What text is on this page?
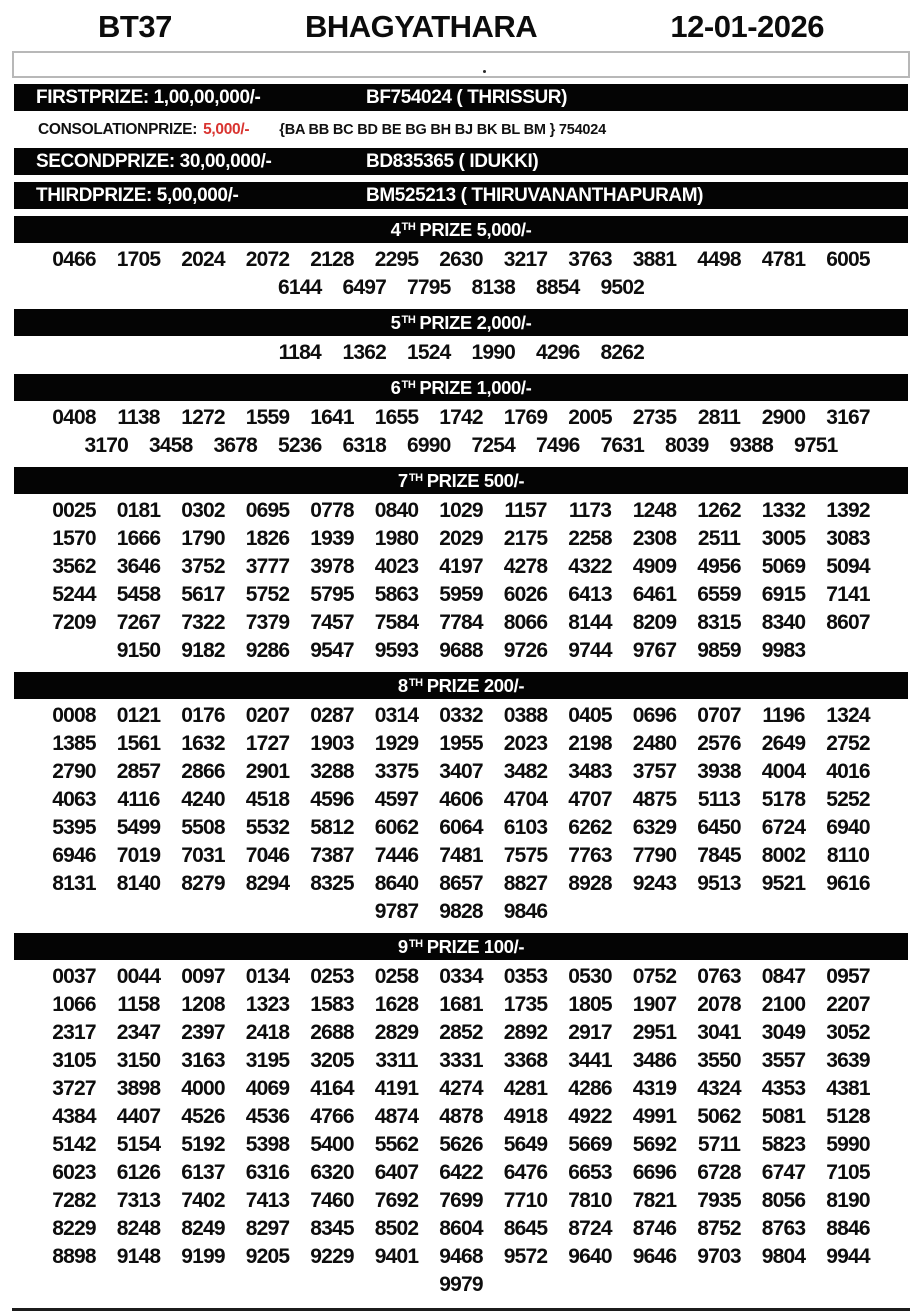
BT37	BHAGYATHARA	12-01-2026
FIRSTPRIZE: 1,00,00,000/-	BF754024 ( THRISSUR)
CONSOLATIONPRIZE: 5,000/- {BA BB BC BD BE BG BH BJ BK BL BM } 754024
SECONDPRIZE: 30,00,000/-	BD835365 ( IDUKKI)
THIRDPRIZE: 5,00,000/-	BM525213 ( THIRUVANANTHAPURAM)
4 TH PRIZE 5,000/-
0466 1705 2024 2072 2128 2295 2630 3217 3763 3881 4498 4781 6005
6144 6497 7795 8138 8854 9502
5 TH PRIZE 2,000/-
1184	1362 1524 1990 4296 8262
6 TH PRIZE 1,000/-
0408	1138	1272 1559 1641 1655 1742 1769 2005 2735	2811	2900 3167
3170 3458 3678 5236 6318 6990 7254 7496 7631 8039 9388 9751
7 TH PRIZE 500/-
0025 0181 0302 0695 0778 0840 1029	1157	1173	1248 1262 1332 1392
1570 1666 1790 1826 1939 1980 2029 2175 2258 2308	2511	3005 3083
3562 3646 3752 3777 3978 4023 4197 4278 4322 4909 4956 5069 5094
5244 5458 5617 5752 5795 5863 5959 6026 6413 6461 6559 6915 7141
7209 7267 7322 7379 7457 7584 7784 8066 8144 8209 8315 8340 8607
9150 9182 9286 9547 9593 9688 9726 9744 9767 9859 9983
8 TH PRIZE 200/-
0008 0121 0176 0207 0287 0314 0332 0388 0405 0696 0707	1196	1324
1385 1561 1632 1727 1903 1929 1955 2023 2198 2480 2576 2649 2752
2790 2857 2866 2901 3288 3375 3407 3482 3483 3757 3938 4004 4016
4063	4116	4240 4518 4596 4597 4606 4704 4707 4875	5113	5178 5252
5395 5499 5508 5532 5812 6062 6064 6103 6262 6329 6450 6724 6940
6946 7019 7031 7046 7387 7446 7481 7575 7763 7790 7845 8002	8110
8131 8140 8279 8294 8325 8640 8657 8827 8928 9243 9513 9521 9616
9787 9828 9846
9 TH PRIZE 100/-
0037 0044 0097 0134 0253 0258 0334 0353 0530 0752 0763 0847 0957
1066	1158	1208 1323 1583 1628 1681 1735 1805 1907 2078 2100 2207
2317 2347 2397 2418 2688 2829 2852 2892 2917 2951 3041 3049 3052
3105 3150 3163 3195 3205	3311	3331 3368 3441 3486 3550 3557 3639
3727 3898 4000 4069 4164 4191 4274 4281 4286 4319 4324 4353 4381
4384 4407 4526 4536 4766 4874 4878 4918 4922 4991 5062 5081 5128
5142 5154 5192 5398 5400 5562 5626 5649 5669 5692	5711	5823 5990
6023 6126 6137 6316 6320 6407 6422 6476 6653 6696 6728 6747 7105
7282 7313 7402 7413 7460 7692 7699 7710 7810 7821 7935 8056 8190
8229 8248 8249 8297 8345 8502 8604 8645 8724 8746 8752 8763 8846
8898 9148 9199 9205 9229 9401 9468 9572 9640 9646 9703 9804 9944
9979
